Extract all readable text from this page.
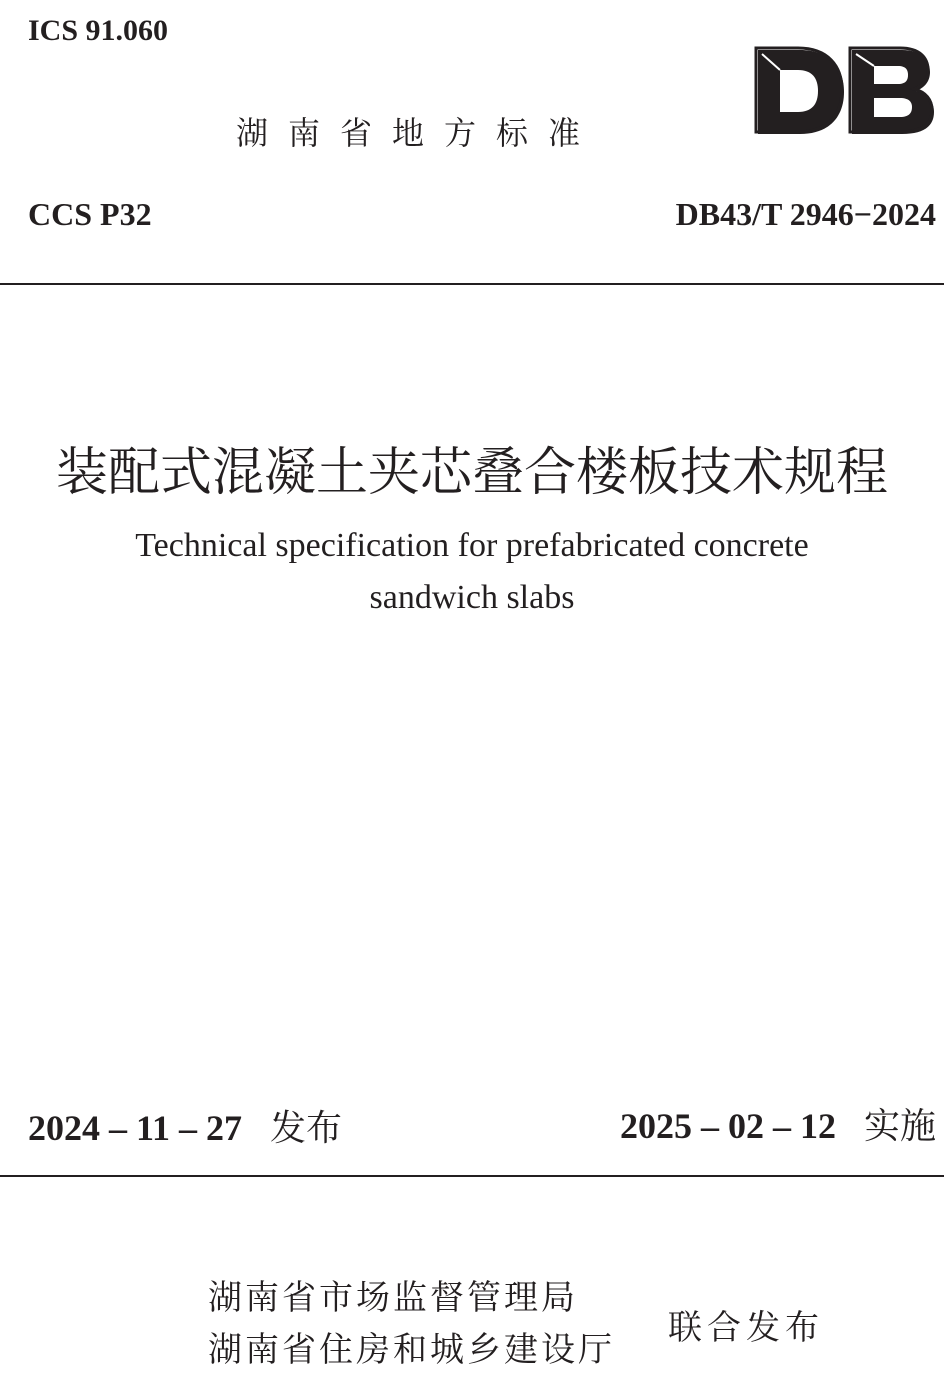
ICS 91.060
湖南省地方标准
CCS P32	DB43/T 2946−2024
装配式混凝土夹芯叠合楼板技术规程
Technical specification for prefabricated concrete
sandwich slabs
2024 – 11 – 27 发布	2025 – 02 – 12 实施
湖南省市场监督管理局
湖南省住房和城乡建设厅
联合发布
